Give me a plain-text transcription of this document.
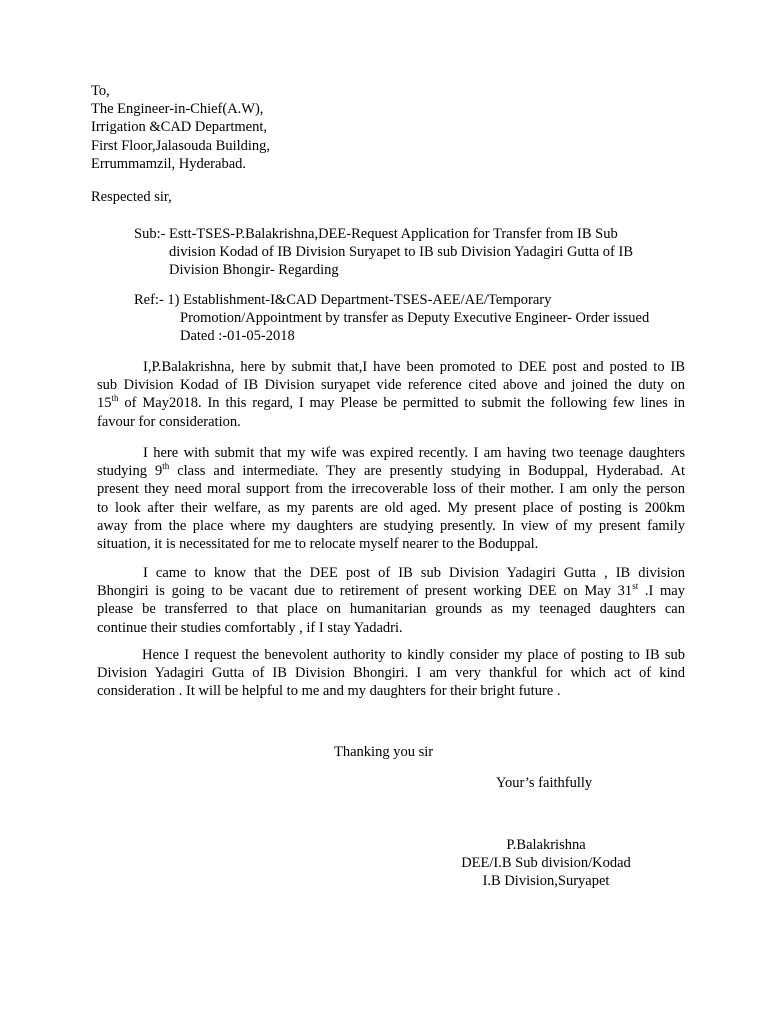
To,
The Engineer-in-Chief(A.W),
Irrigation &CAD Department,
First Floor,Jalasouda Building,
Errummamzil, Hyderabad.
Respected sir,
Sub:- Estt-TSES-P.Balakrishna,DEE-Request Application for Transfer from IB Sub
division Kodad of IB Division Suryapet to IB sub Division Yadagiri Gutta of IB
Division Bhongir- Regarding
Ref:- 1) Establishment-I&CAD Department-TSES-AEE/AE/Temporary
Promotion/Appointment by transfer as Deputy Executive Engineer- Order issued
Dated :-01-05-2018
I,P.Balakrishna, here by submit that,I have been promoted to DEE post and posted to IB
sub Division Kodad of IB Division suryapet vide reference cited above and joined the duty on
15th of May2018. In this regard, I may Please be permitted to submit the following few lines in
favour for consideration.
I here with submit that my wife was expired recently. I am having two teenage daughters
studying 9th class and intermediate. They are presently studying in Boduppal, Hyderabad. At
present they need moral support from the irrecoverable loss of their mother. I am only the person
to look after their welfare, as my parents are old aged. My present place of posting is 200km
away from the place where my daughters are studying presently. In view of my present family
situation, it is necessitated for me to relocate myself nearer to the Boduppal.
I came to know that the DEE post of IB sub Division Yadagiri Gutta , IB division
Bhongiri is going to be vacant due to retirement of present working DEE on May 31st .I may
please be transferred to that place on humanitarian grounds as my teenaged daughters can
continue their studies comfortably , if I stay Yadadri.
Hence I request the benevolent authority to kindly consider my place of posting to IB sub
Division Yadagiri Gutta of IB Division Bhongiri. I am very thankful for which act of kind
consideration . It will be helpful to me and my daughters for their bright future .
Thanking you sir
Your’s faithfully
P.Balakrishna
DEE/I.B Sub division/Kodad
I.B Division,Suryapet
